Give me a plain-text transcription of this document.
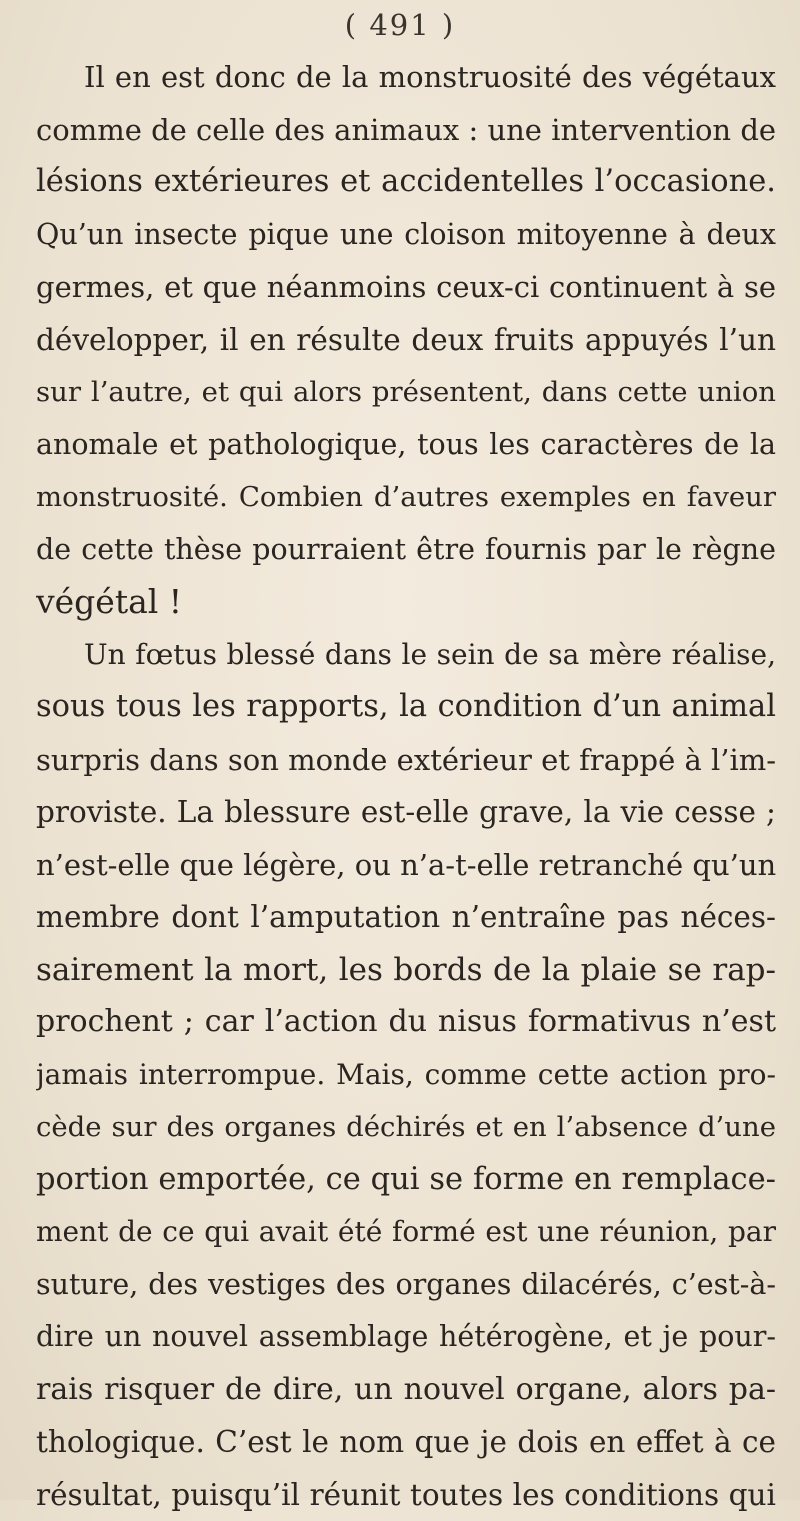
( 491 )
Il en est donc de la monstruosité des végétaux
comme de celle des animaux : une intervention de
lésions extérieures et accidentelles l’occasione.
Qu’un insecte pique une cloison mitoyenne à deux
germes, et que néanmoins ceux-ci continuent à se
développer, il en résulte deux fruits appuyés l’un
sur l’autre, et qui alors présentent, dans cette union
anomale et pathologique, tous les caractères de la
monstruosité. Combien d’autres exemples en faveur
de cette thèse pourraient être fournis par le règne
végétal !
Un fœtus blessé dans le sein de sa mère réalise,
sous tous les rapports, la condition d’un animal
surpris dans son monde extérieur et frappé à l’im-
proviste. La blessure est-elle grave, la vie cesse ;
n’est-elle que légère, ou n’a-t-elle retranché qu’un
membre dont l’amputation n’entraîne pas néces-
sairement la mort, les bords de la plaie se rap-
prochent ; car l’action du nisus formativus n’est
jamais interrompue. Mais, comme cette action pro-
cède sur des organes déchirés et en l’absence d’une
portion emportée, ce qui se forme en remplace-
ment de ce qui avait été formé est une réunion, par
suture, des vestiges des organes dilacérés, c’est-à-
dire un nouvel assemblage hétérogène, et je pour-
rais risquer de dire, un nouvel organe, alors pa-
thologique. C’est le nom que je dois en effet à ce
résultat, puisqu’il réunit toutes les conditions qui
